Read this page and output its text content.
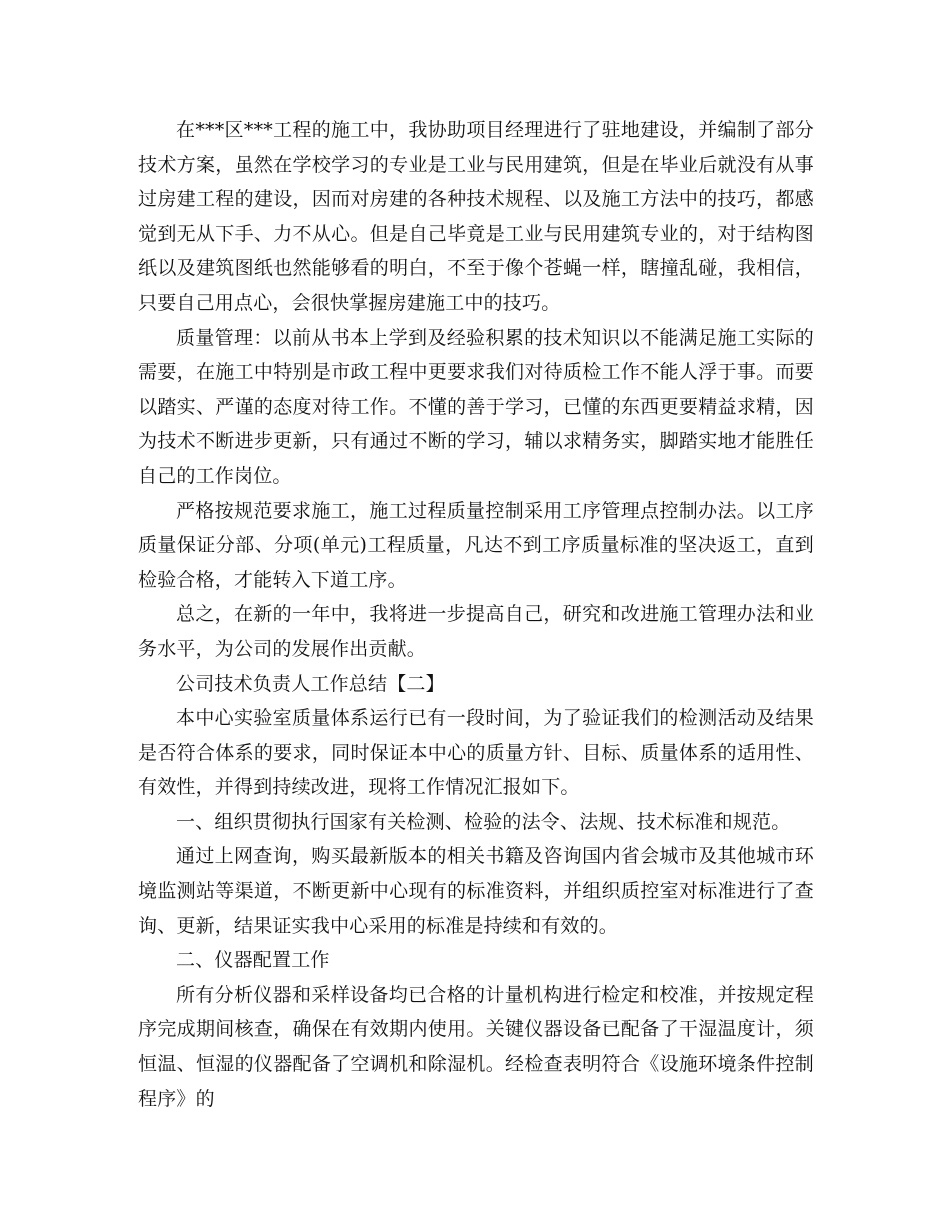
在***区***工程的施工中，我协助项目经理进行了驻地建设，并编制了部分技术方案，虽然在学校学习的专业是工业与民用建筑，但是在毕业后就没有从事过房建工程的建设，因而对房建的各种技术规程、以及施工方法中的技巧，都感觉到无从下手、力不从心。但是自己毕竟是工业与民用建筑专业的，对于结构图纸以及建筑图纸也然能够看的明白，不至于像个苍蝇一样，瞎撞乱碰，我相信，只要自己用点心，会很快掌握房建施工中的技巧。

质量管理：以前从书本上学到及经验积累的技术知识以不能满足施工实际的需要，在施工中特别是市政工程中更要求我们对待质检工作不能人浮于事。而要以踏实、严谨的态度对待工作。不懂的善于学习，已懂的东西更要精益求精，因为技术不断进步更新，只有通过不断的学习，辅以求精务实，脚踏实地才能胜任自己的工作岗位。

严格按规范要求施工，施工过程质量控制采用工序管理点控制办法。以工序质量保证分部、分项(单元)工程质量，凡达不到工序质量标准的坚决返工，直到检验合格，才能转入下道工序。

总之，在新的一年中，我将进一步提高自己，研究和改进施工管理办法和业务水平，为公司的发展作出贡献。

公司技术负责人工作总结【二】

本中心实验室质量体系运行已有一段时间，为了验证我们的检测活动及结果是否符合体系的要求，同时保证本中心的质量方针、目标、质量体系的适用性、有效性，并得到持续改进，现将工作情况汇报如下。

一、组织贯彻执行国家有关检测、检验的法令、法规、技术标准和规范。

通过上网查询，购买最新版本的相关书籍及咨询国内省会城市及其他城市环境监测站等渠道，不断更新中心现有的标准资料，并组织质控室对标准进行了查询、更新，结果证实我中心采用的标准是持续和有效的。

二、仪器配置工作

所有分析仪器和采样设备均已合格的计量机构进行检定和校准，并按规定程序完成期间核查，确保在有效期内使用。关键仪器设备已配备了干湿温度计，须恒温、恒湿的仪器配备了空调机和除湿机。经检查表明符合《设施环境条件控制程序》的
